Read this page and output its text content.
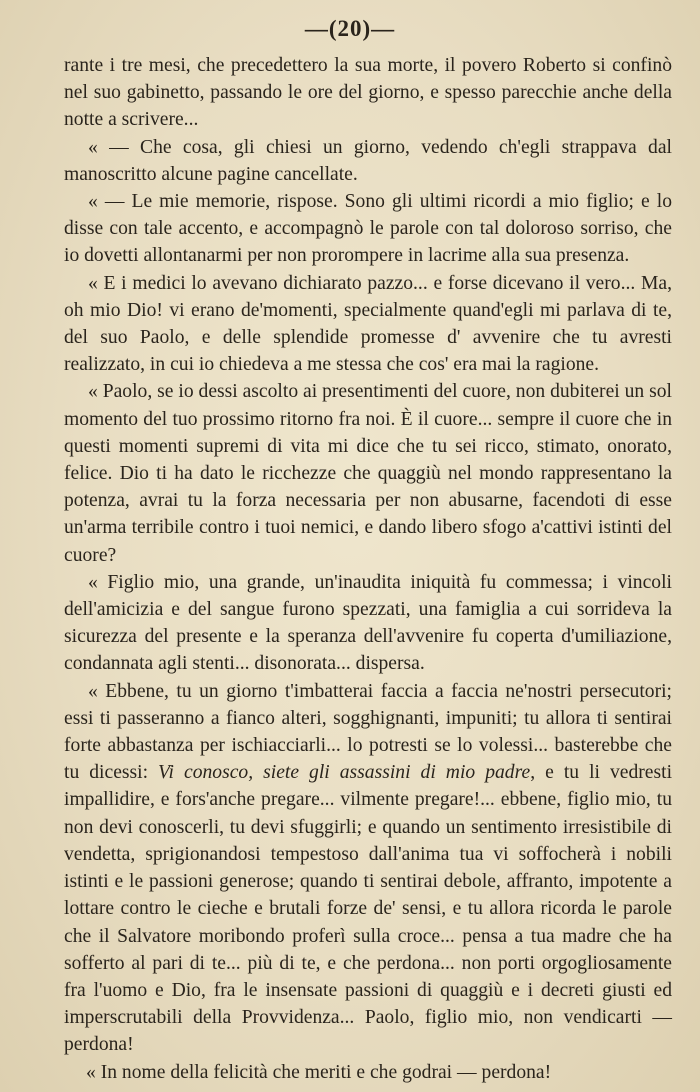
—(20)—

rante i tre mesi, che precedettero la sua morte, il povero Roberto si confinò nel suo gabinetto, passando le ore del giorno, e spesso parecchie anche della notte a scrivere...

« — Che cosa, gli chiesi un giorno, vedendo ch'egli strappava dal manoscritto alcune pagine cancellate.

« — Le mie memorie, rispose. Sono gli ultimi ricordi a mio figlio; e lo disse con tale accento, e accompagnò le parole con tal doloroso sorriso, che io dovetti allontanarmi per non prorompere in lacrime alla sua presenza.

« E i medici lo avevano dichiarato pazzo... e forse dicevano il vero... Ma, oh mio Dio! vi erano de'momenti, specialmente quand'egli mi parlava di te, del suo Paolo, e delle splendide promesse d' avvenire che tu avresti realizzato, in cui io chiedeva a me stessa che cos' era mai la ragione.

« Paolo, se io dessi ascolto ai presentimenti del cuore, non dubiterei un sol momento del tuo prossimo ritorno fra noi. È il cuore... sempre il cuore che in questi momenti supremi di vita mi dice che tu sei ricco, stimato, onorato, felice. Dio ti ha dato le ricchezze che quaggiù nel mondo rappresentano la potenza, avrai tu la forza necessaria per non abusarne, facendoti di esse un'arma terribile contro i tuoi nemici, e dando libero sfogo a'cattivi istinti del cuore?

« Figlio mio, una grande, un'inaudita iniquità fu commessa; i vincoli dell'amicizia e del sangue furono spezzati, una famiglia a cui sorrideva la sicurezza del presente e la speranza dell'avvenire fu coperta d'umiliazione, condannata agli stenti... disonorata... dispersa.

« Ebbene, tu un giorno t'imbatterai faccia a faccia ne'nostri persecutori; essi ti passeranno a fianco alteri, sogghignanti, impuniti; tu allora ti sentirai forte abbastanza per ischiacciarli... lo potresti se lo volessi... basterebbe che tu dicessi: Vi conosco, siete gli assassini di mio padre, e tu li vedresti impallidire, e fors'anche pregare... vilmente pregare!... ebbene, figlio mio, tu non devi conoscerli, tu devi sfuggirli; e quando un sentimento irresistibile di vendetta, sprigionandosi tempestoso dall'anima tua vi soffocherà i nobili istinti e le passioni generose; quando ti sentirai debole, affranto, impotente a lottare contro le cieche e brutali forze de' sensi, e tu allora ricorda le parole che il Salvatore moribondo proferì sulla croce... pensa a tua madre che ha sofferto al pari di te... più di te, e che perdona... non porti orgogliosamente fra l'uomo e Dio, fra le insensate passioni di quaggiù e i decreti giusti ed imperscrutabili della Provvidenza... Paolo, figlio mio, non vendicarti — perdona!

« In nome della felicità che meriti e che godrai — perdona!
